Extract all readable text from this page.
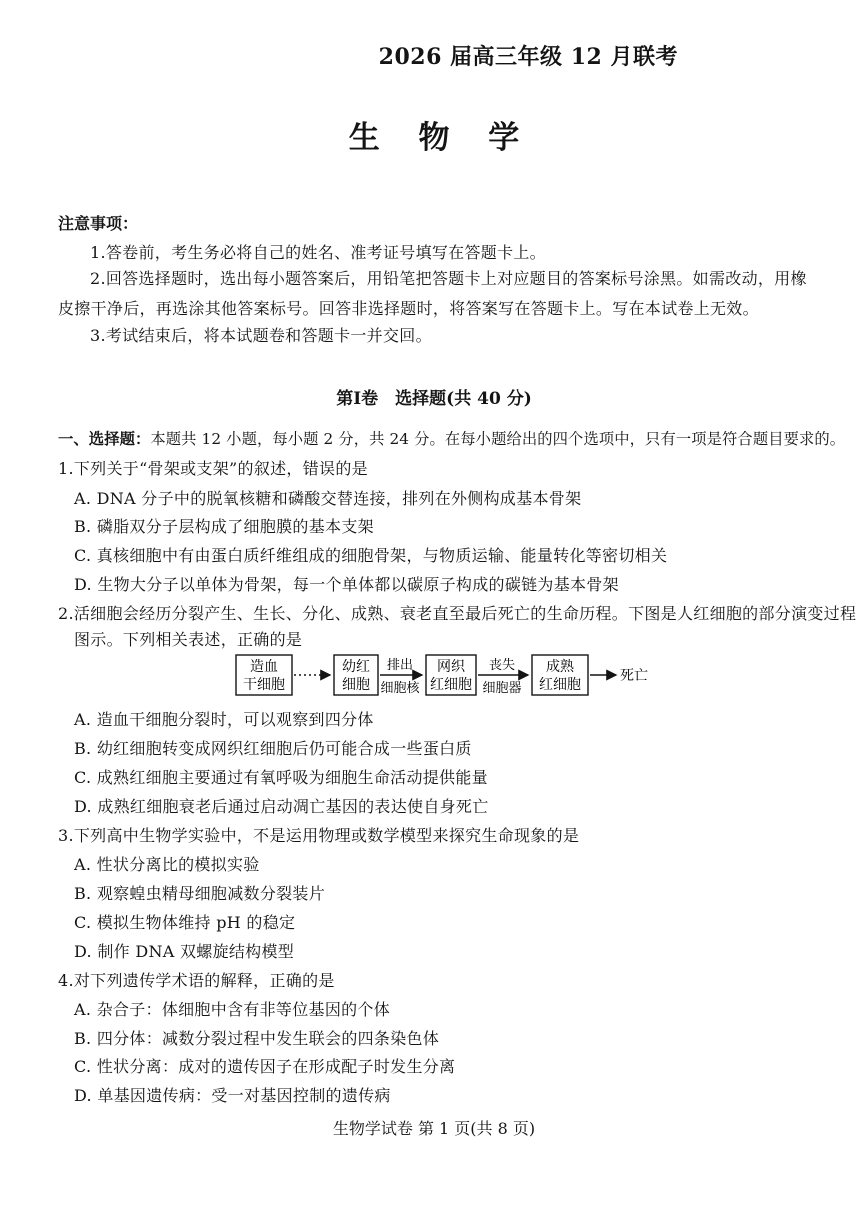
2026 届高三年级 12 月联考
生 物 学
注意事项：
1.答卷前，考生务必将自己的姓名、准考证号填写在答题卡上。
2.回答选择题时，选出每小题答案后，用铅笔把答题卡上对应题目的答案标号涂黑。如需改动，用橡皮擦干净后，再选涂其他答案标号。回答非选择题时，将答案写在答题卡上。写在本试卷上无效。
3.考试结束后，将本试题卷和答题卡一并交回。
第Ⅰ卷　选择题(共 40 分)
一、选择题：本题共 12 小题，每小题 2 分，共 24 分。在每小题给出的四个选项中，只有一项是符合题目要求的。
1.下列关于“骨架或支架”的叙述，错误的是
A. DNA 分子中的脱氧核糖和磷酸交替连接，排列在外侧构成基本骨架
B. 磷脂双分子层构成了细胞膜的基本支架
C. 真核细胞中有由蛋白质纤维组成的细胞骨架，与物质运输、能量转化等密切相关
D. 生物大分子以单体为骨架，每一个单体都以碳原子构成的碳链为基本骨架
2.活细胞会经历分裂产生、生长、分化、成熟、衰老直至最后死亡的生命历程。下图是人红细胞的部分演变过程
图示。下列相关表述，正确的是
造血
干细胞
幼红
细胞
排出
细胞核
网织
红细胞
丧失
细胞器
成熟
红细胞
死亡
A. 造血干细胞分裂时，可以观察到四分体
B. 幼红细胞转变成网织红细胞后仍可能合成一些蛋白质
C. 成熟红细胞主要通过有氧呼吸为细胞生命活动提供能量
D. 成熟红细胞衰老后通过启动凋亡基因的表达使自身死亡
3.下列高中生物学实验中，不是运用物理或数学模型来探究生命现象的是
A. 性状分离比的模拟实验
B. 观察蝗虫精母细胞减数分裂装片
C. 模拟生物体维持 pH 的稳定
D. 制作 DNA 双螺旋结构模型
4.对下列遗传学术语的解释，正确的是
A. 杂合子：体细胞中含有非等位基因的个体
B. 四分体：减数分裂过程中发生联会的四条染色体
C. 性状分离：成对的遗传因子在形成配子时发生分离
D. 单基因遗传病：受一对基因控制的遗传病
生物学试卷 第 1 页(共 8 页)
